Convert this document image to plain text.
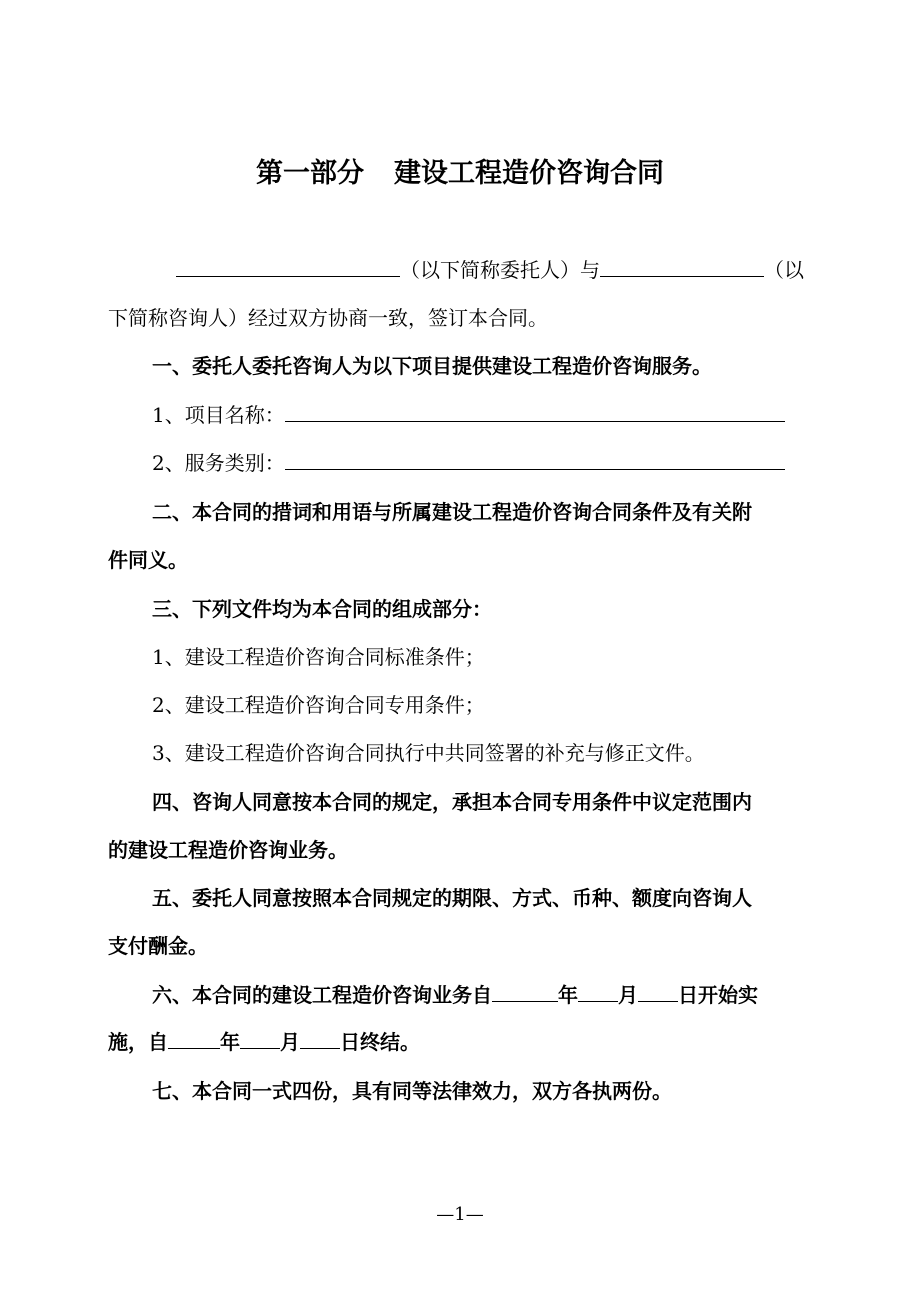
第一部分 建设工程造价咨询合同
（以下简称委托人）与	（以
下简称咨询人）经过双方协商一致，签订本合同。
一、委托人委托咨询人为以下项目提供建设工程造价咨询服务。
1、项目名称：
2、服务类别：
二、本合同的措词和用语与所属建设工程造价咨询合同条件及有关附
件同义。
三、下列文件均为本合同的组成部分：
1、建设工程造价咨询合同标准条件；
2、建设工程造价咨询合同专用条件；
3、建设工程造价咨询合同执行中共同签署的补充与修正文件。
四、咨询人同意按本合同的规定，承担本合同专用条件中议定范围内
的建设工程造价咨询业务。
五、委托人同意按照本合同规定的期限、方式、币种、额度向咨询人
支付酬金。
六、本合同的建设工程造价咨询业务自	年 月 日开始实
施，自	年 月 日终结。
七、本合同一式四份，具有同等法律效力，双方各执两份。
—1—
